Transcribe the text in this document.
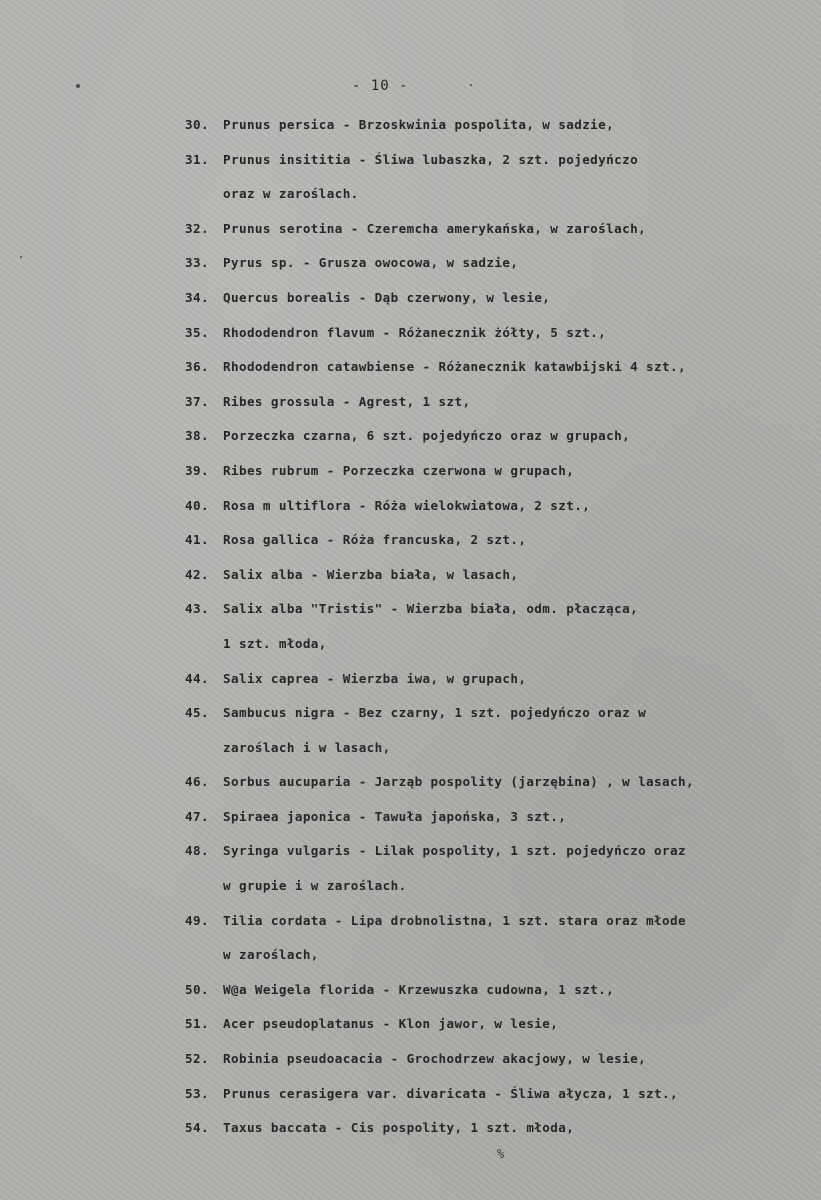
- 10 -
30. Prunus persica - Brzoskwinia pospolita, w sadzie,
31. Prunus insititia - Śliwa lubaszka, 2 szt. pojedyńczo
oraz w zaroślach.
32. Prunus serotina - Czeremcha amerykańska, w zaroślach,
33. Pyrus sp. - Grusza owocowa, w sadzie,
34. Quercus borealis - Dąb czerwony, w lesie,
35. Rhododendron flavum - Różanecznik żółty, 5 szt.,
36. Rhododendron catawbiense - Różanecznik katawbijski 4 szt.,
37. Ribes grossula - Agrest, 1 szt,
38. Porzeczka czarna, 6 szt. pojedyńczo oraz w grupach,
39. Ribes rubrum - Porzeczka czerwona w grupach,
40. Rosa m ultiflora - Róża wielokwiatowa, 2 szt.,
41. Rosa gallica - Róża francuska, 2 szt.,
42. Salix alba - Wierzba biała, w lasach,
43. Salix alba "Tristis" - Wierzba biała, odm. płacząca,
1 szt. młoda,
44. Salix caprea - Wierzba iwa, w grupach,
45. Sambucus nigra - Bez czarny, 1 szt. pojedyńczo oraz w
zaroślach i w lasach,
46. Sorbus aucuparia - Jarząb pospolity (jarzębina) , w lasach,
47. Spiraea japonica - Tawuła japońska, 3 szt.,
48. Syringa vulgaris - Lilak pospolity, 1 szt. pojedyńczo oraz
w grupie i w zaroślach.
49. Tilia cordata - Lipa drobnolistna, 1 szt. stara oraz młode
w zaroślach,
50. W@a Weigela florida - Krzewuszka cudowna, 1 szt.,
51. Acer pseudoplatanus - Klon jawor, w lesie,
52. Robinia pseudoacacia - Grochodrzew akacjowy, w lesie,
53. Prunus cerasigera var. divaricata - Śliwa ałycza, 1 szt.,
54. Taxus baccata - Cis pospolity, 1 szt. młoda,
%
